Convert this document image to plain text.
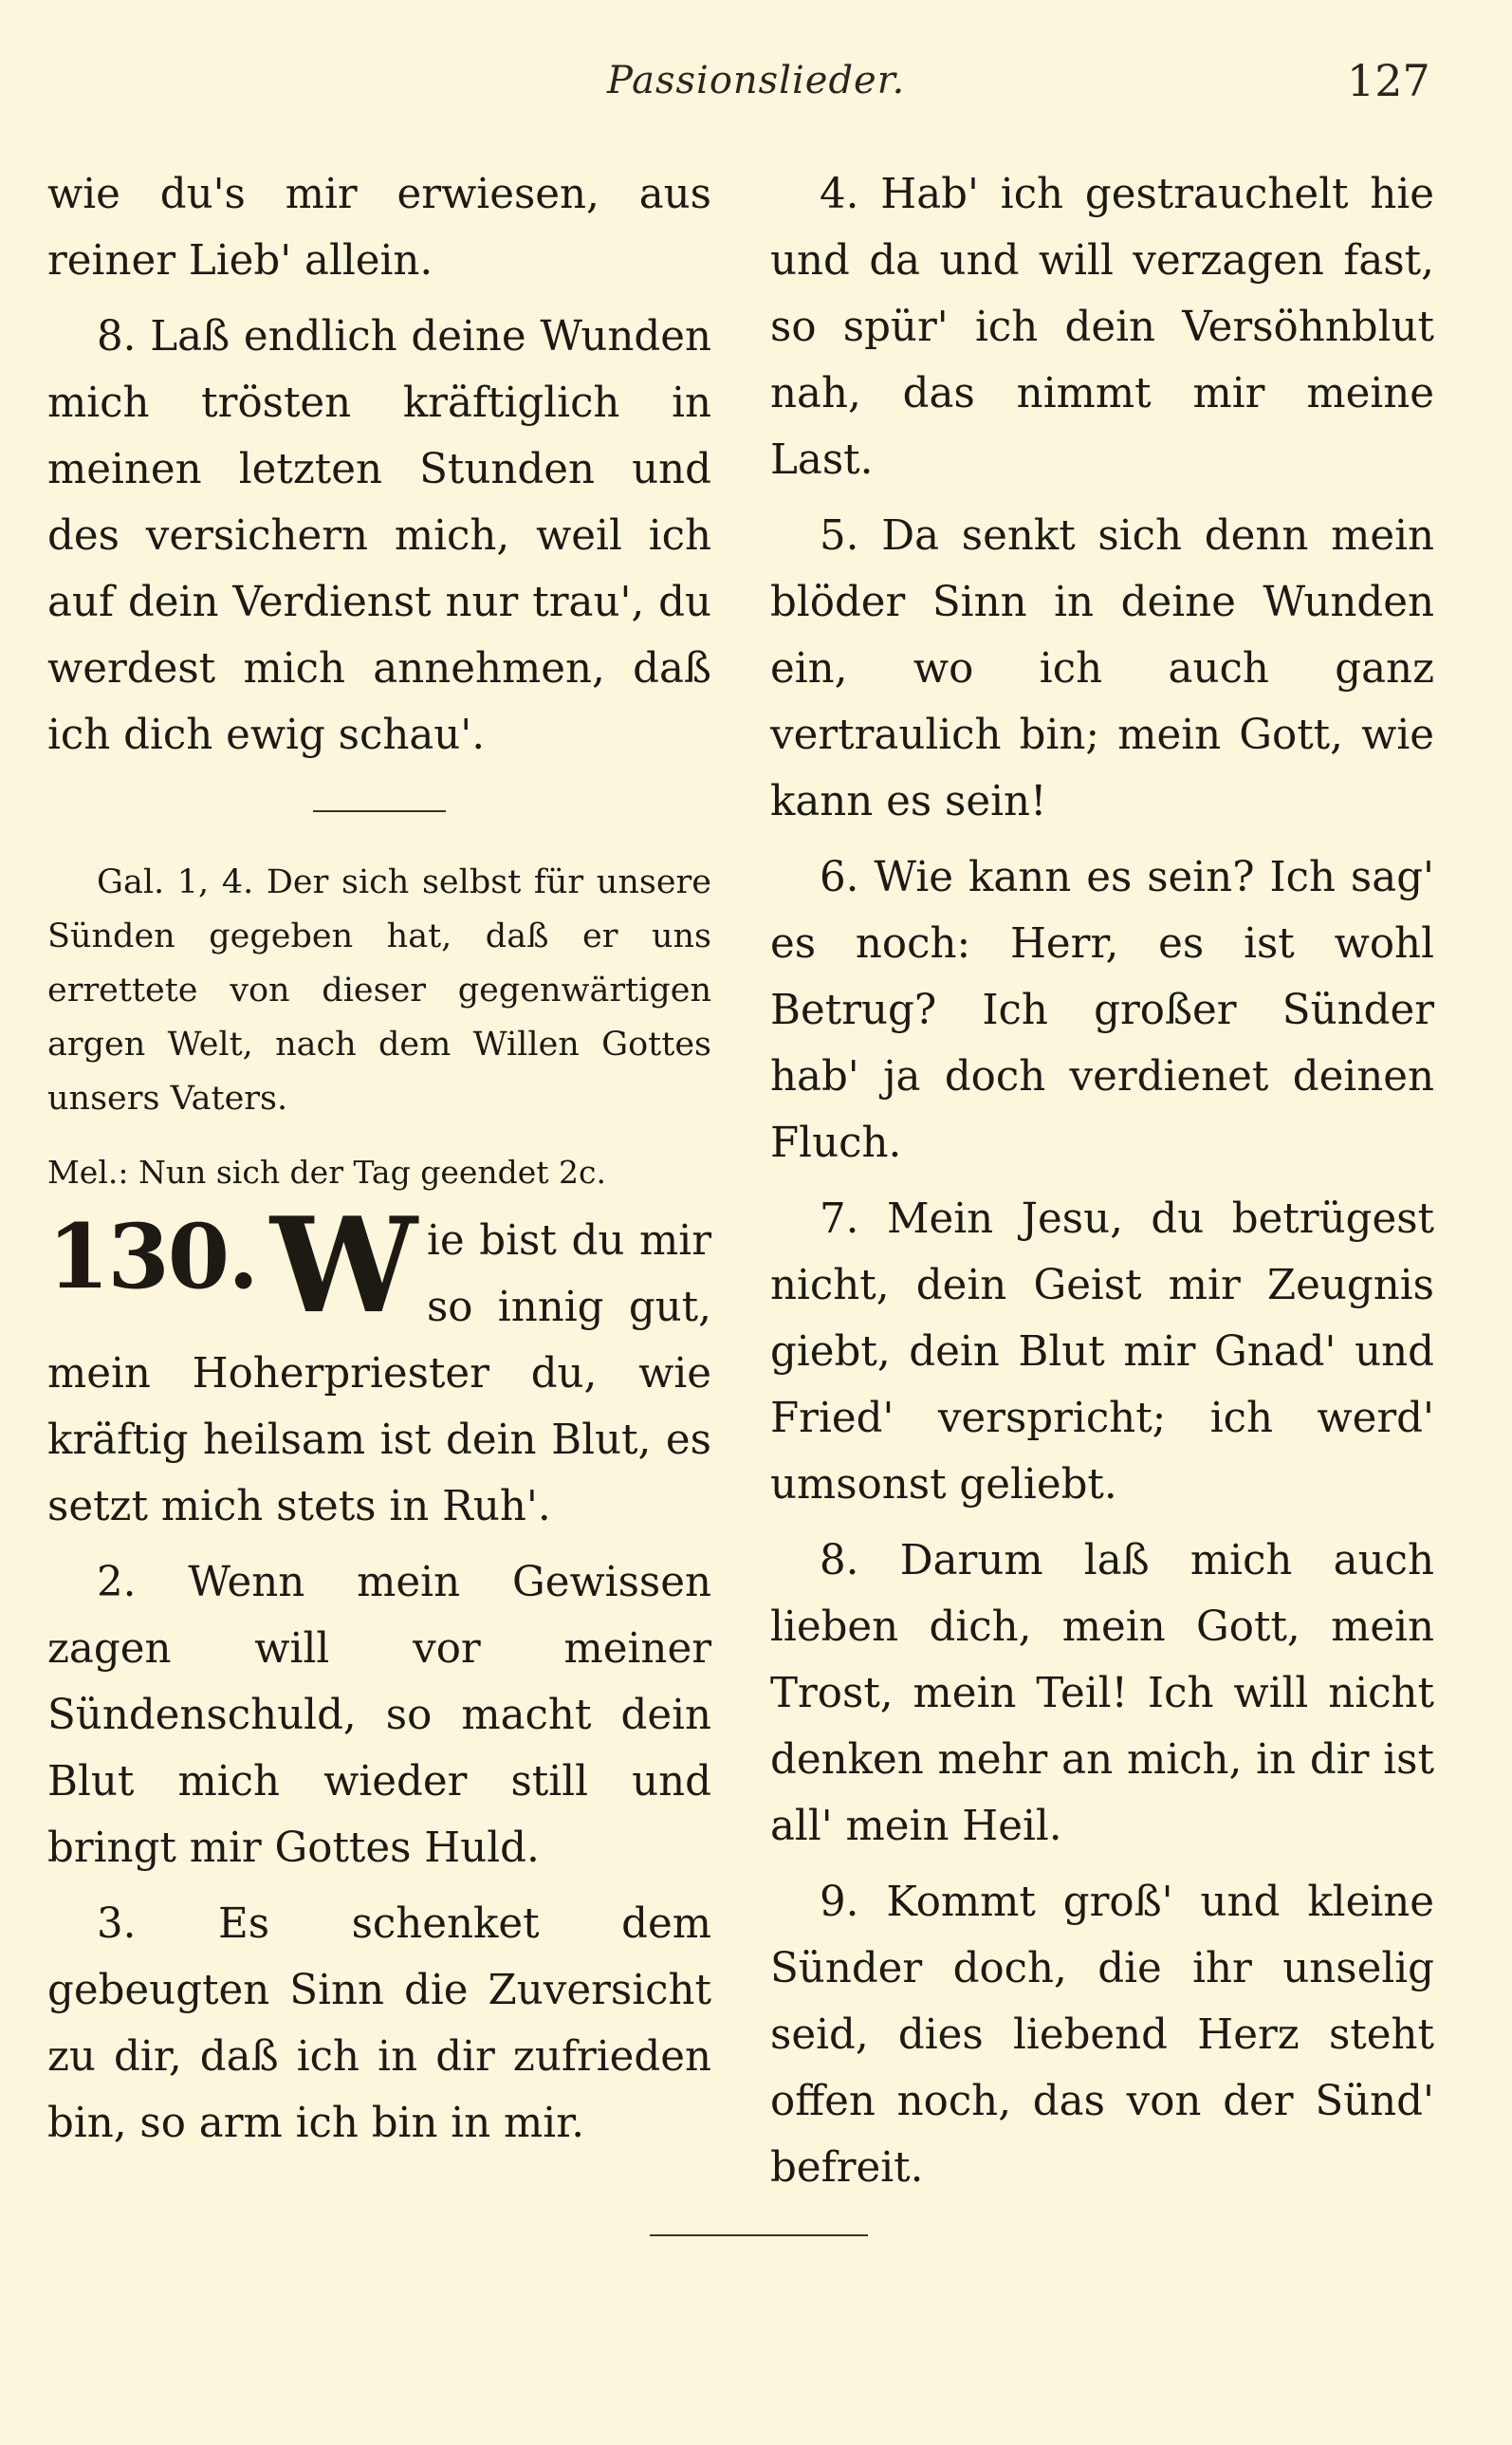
Passionslieder.	127

wie du's mir erwiesen, aus reiner Lieb' allein.

8. Laß endlich deine Wunden mich trösten kräftiglich in meinen letzten Stunden und des versichern mich, weil ich auf dein Verdienst nur trau', du werdest mich annehmen, daß ich dich ewig schau'.

Gal. 1, 4. Der sich selbst für unsere Sünden gegeben hat, daß er uns errettete von dieser gegenwärtigen argen Welt, nach dem Willen Gottes unsers Vaters.

Mel.: Nun sich der Tag geendet 2c.

130. W ie bist du mir so innig gut, mein Hoherpriester du, wie kräftig heilsam ist dein Blut, es setzt mich stets in Ruh'.

2. Wenn mein Gewissen zagen will vor meiner Sündenschuld, so macht dein Blut mich wieder still und bringt mir Gottes Huld.

3. Es schenket dem gebeugten Sinn die Zuversicht zu dir, daß ich in dir zufrieden bin, so arm ich bin in mir.

4. Hab' ich gestrauchelt hie und da und will verzagen fast, so spür' ich dein Versöhnblut nah, das nimmt mir meine Last.

5. Da senkt sich denn mein blöder Sinn in deine Wunden ein, wo ich auch ganz vertraulich bin; mein Gott, wie kann es sein!

6. Wie kann es sein? Ich sag' es noch: Herr, es ist wohl Betrug? Ich großer Sünder hab' ja doch verdienet deinen Fluch.

7. Mein Jesu, du betrügest nicht, dein Geist mir Zeugnis giebt, dein Blut mir Gnad' und Fried' verspricht; ich werd' umsonst geliebt.

8. Darum laß mich auch lieben dich, mein Gott, mein Trost, mein Teil! Ich will nicht denken mehr an mich, in dir ist all' mein Heil.

9. Kommt groß' und kleine Sünder doch, die ihr unselig seid, dies liebend Herz steht offen noch, das von der Sünd' befreit.
